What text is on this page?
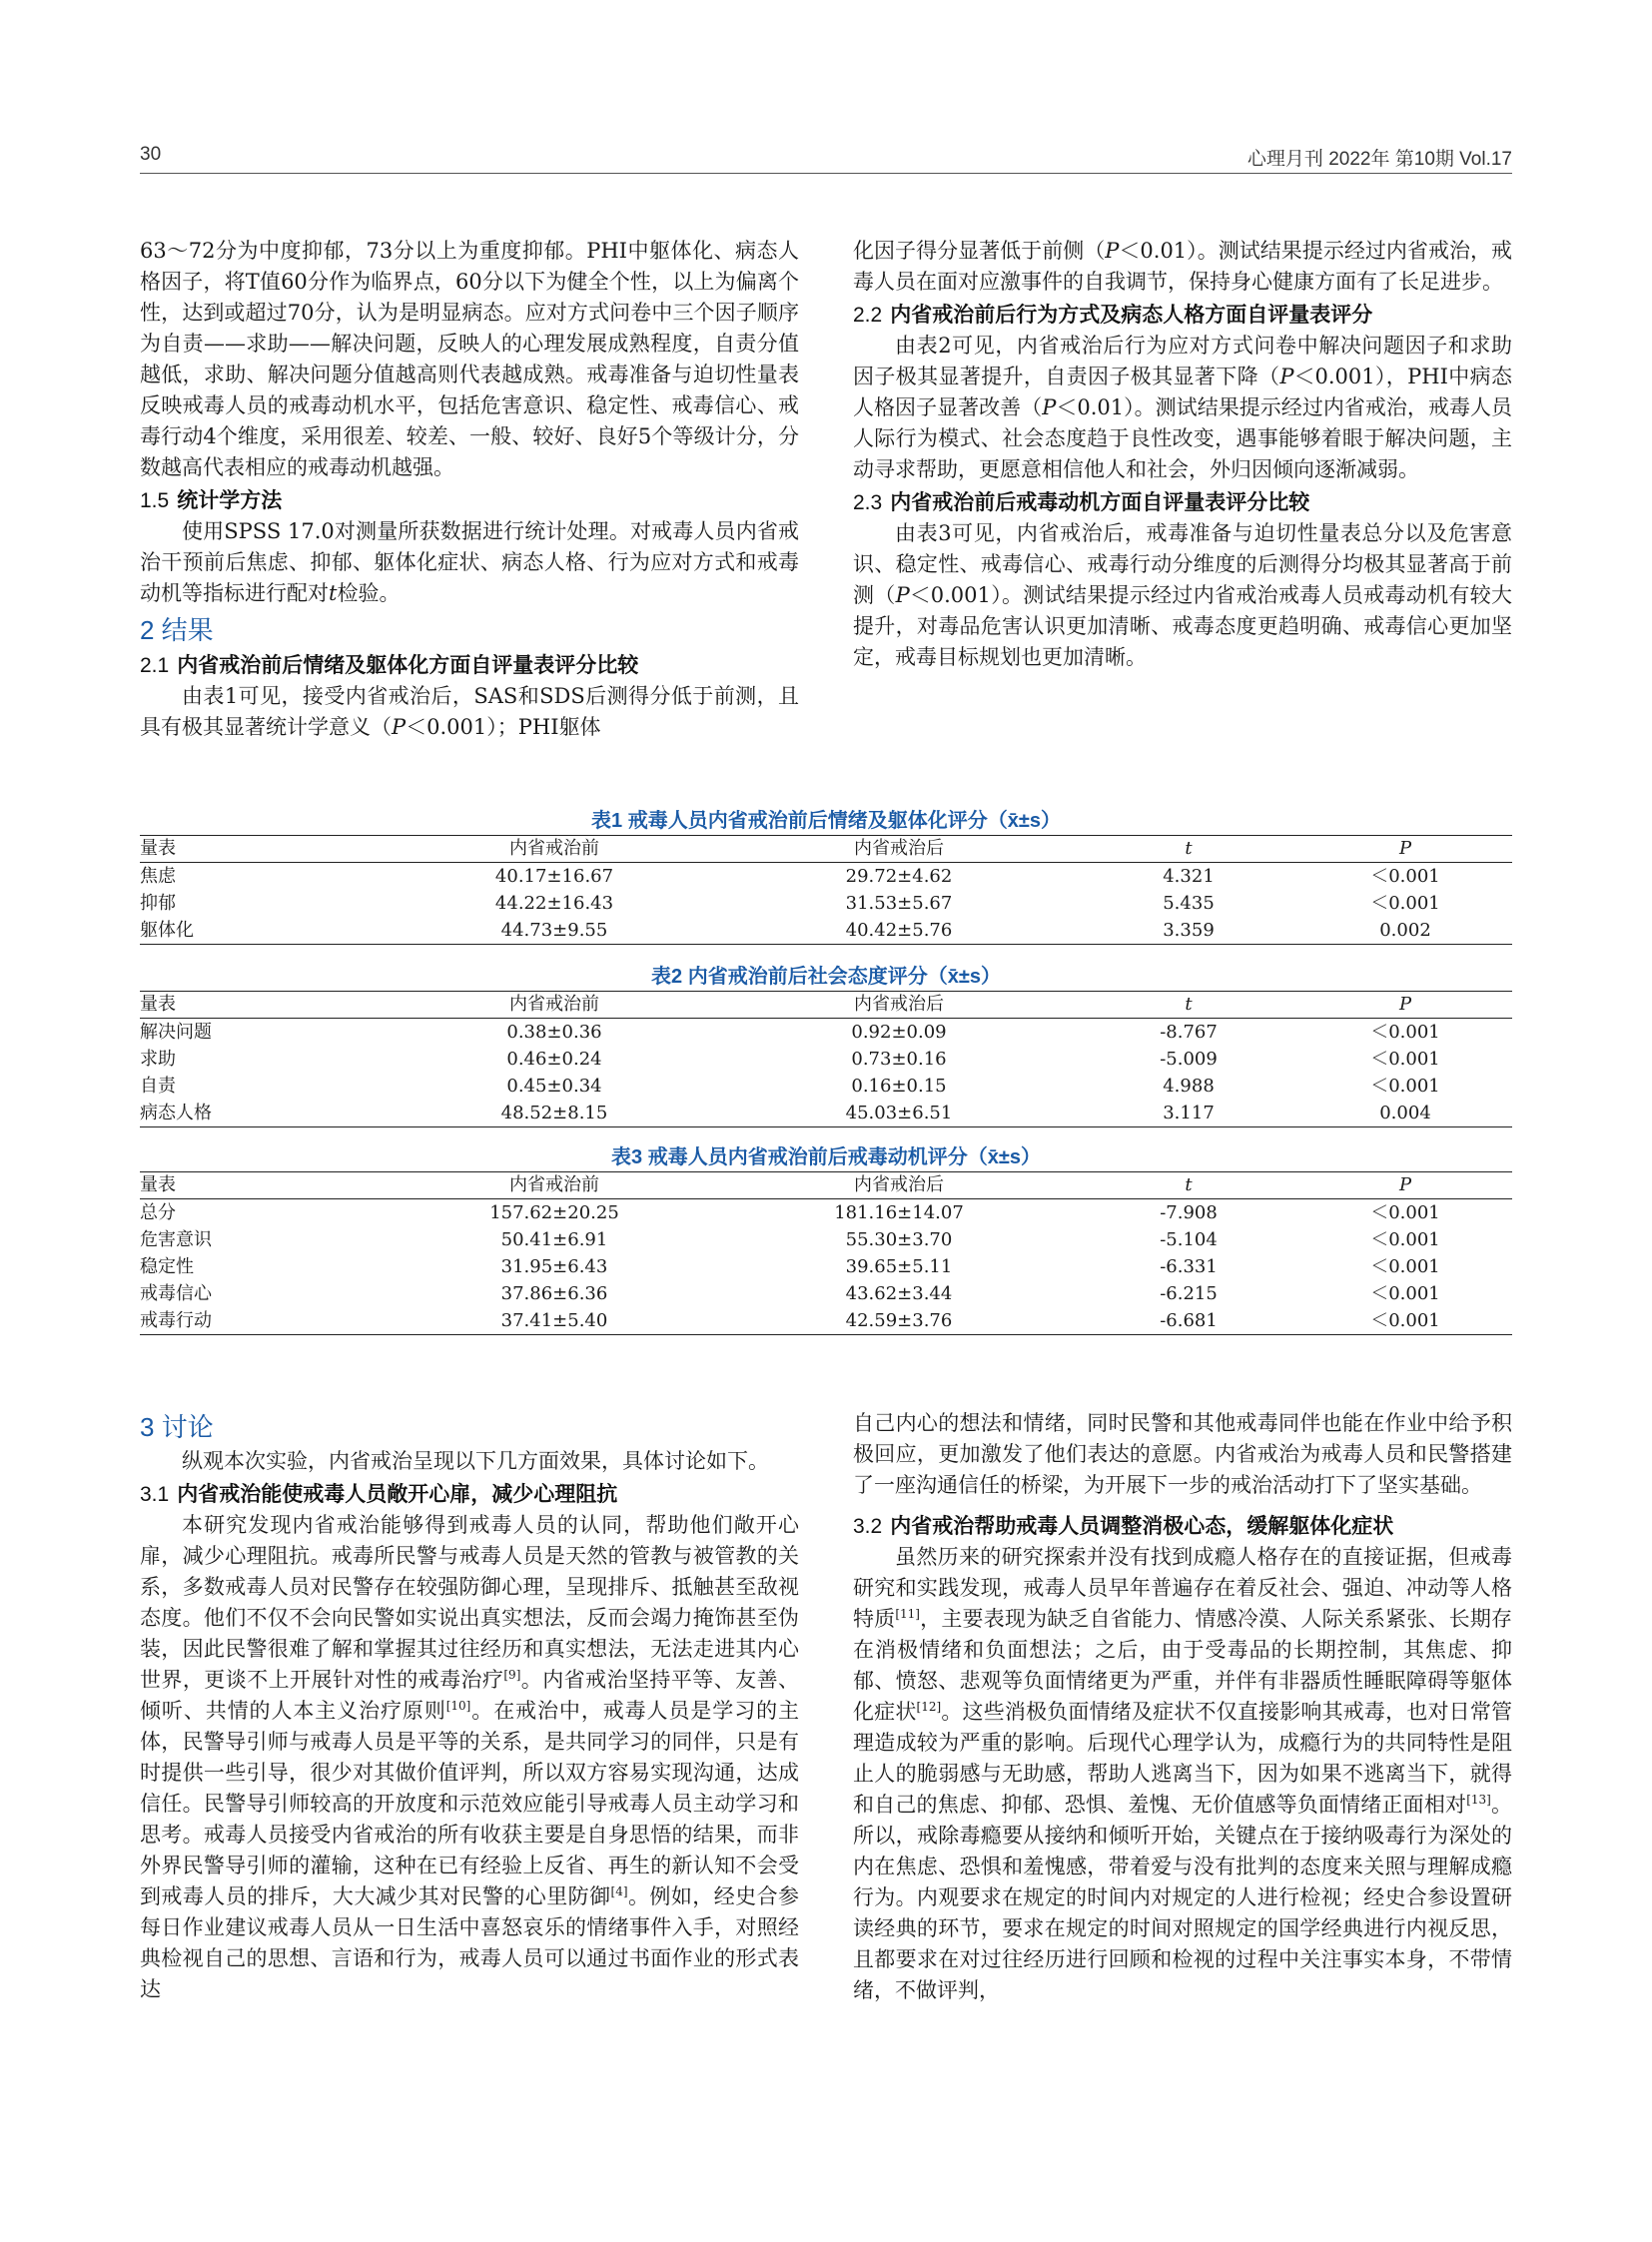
30	心理月刊 2022年 第10期 Vol.17

63～72分为中度抑郁，73分以上为重度抑郁。PHI中躯体化、病态人格因子，将T值60分作为临界点，60分以下为健全个性，以上为偏离个性，达到或超过70分，认为是明显病态。应对方式问卷中三个因子顺序为自责——求助——解决问题，反映人的心理发展成熟程度，自责分值越低，求助、解决问题分值越高则代表越成熟。戒毒准备与迫切性量表反映戒毒人员的戒毒动机水平，包括危害意识、稳定性、戒毒信心、戒毒行动4个维度，采用很差、较差、一般、较好、良好5个等级计分，分数越高代表相应的戒毒动机越强。

1.5 统计学方法

使用SPSS 17.0对测量所获数据进行统计处理。对戒毒人员内省戒治干预前后焦虑、抑郁、躯体化症状、病态人格、行为应对方式和戒毒动机等指标进行配对t检验。

2 结果
2.1 内省戒治前后情绪及躯体化方面自评量表评分比较

由表1可见，接受内省戒治后，SAS和SDS后测得分低于前测，且具有极其显著统计学意义（P＜0.001）；PHI躯体

化因子得分显著低于前侧（P＜0.01）。测试结果提示经过内省戒治，戒毒人员在面对应激事件的自我调节，保持身心健康方面有了长足进步。

2.2 内省戒治前后行为方式及病态人格方面自评量表评分

由表2可见，内省戒治后行为应对方式问卷中解决问题因子和求助因子极其显著提升，自责因子极其显著下降（P＜0.001），PHI中病态人格因子显著改善（P＜0.01）。测试结果提示经过内省戒治，戒毒人员人际行为模式、社会态度趋于良性改变，遇事能够着眼于解决问题，主动寻求帮助，更愿意相信他人和社会，外归因倾向逐渐减弱。

2.3 内省戒治前后戒毒动机方面自评量表评分比较

由表3可见，内省戒治后，戒毒准备与迫切性量表总分以及危害意识、稳定性、戒毒信心、戒毒行动分维度的后测得分均极其显著高于前测（P＜0.001）。测试结果提示经过内省戒治戒毒人员戒毒动机有较大提升，对毒品危害认识更加清晰、戒毒态度更趋明确、戒毒信心更加坚定，戒毒目标规划也更加清晰。

表1 戒毒人员内省戒治前后情绪及躯体化评分（x̄±s）
量表	内省戒治前	内省戒治后	t	P
焦虑	40.17±16.67	29.72±4.62	4.321	＜0.001
抑郁	44.22±16.43	31.53±5.67	5.435	＜0.001
躯体化	44.73±9.55	40.42±5.76	3.359	0.002
表2 内省戒治前后社会态度评分（x̄±s）
量表	内省戒治前	内省戒治后	t	P
解决问题	0.38±0.36	0.92±0.09	-8.767	＜0.001
求助	0.46±0.24	0.73±0.16	-5.009	＜0.001
自责	0.45±0.34	0.16±0.15	4.988	＜0.001
病态人格	48.52±8.15	45.03±6.51	3.117	0.004
表3 戒毒人员内省戒治前后戒毒动机评分（x̄±s）
量表	内省戒治前	内省戒治后	t	P
总分	157.62±20.25	181.16±14.07	-7.908	＜0.001
危害意识	50.41±6.91	55.30±3.70	-5.104	＜0.001
稳定性	31.95±6.43	39.65±5.11	-6.331	＜0.001
戒毒信心	37.86±6.36	43.62±3.44	-6.215	＜0.001
戒毒行动	37.41±5.40	42.59±3.76	-6.681	＜0.001
3 讨论

纵观本次实验，内省戒治呈现以下几方面效果，具体讨论如下。

3.1 内省戒治能使戒毒人员敞开心扉，减少心理阻抗

本研究发现内省戒治能够得到戒毒人员的认同，帮助他们敞开心扉，减少心理阻抗。戒毒所民警与戒毒人员是天然的管教与被管教的关系，多数戒毒人员对民警存在较强防御心理，呈现排斥、抵触甚至敌视态度。他们不仅不会向民警如实说出真实想法，反而会竭力掩饰甚至伪装，因此民警很难了解和掌握其过往经历和真实想法，无法走进其内心世界，更谈不上开展针对性的戒毒治疗[9]。内省戒治坚持平等、友善、倾听、共情的人本主义治疗原则[10]。在戒治中，戒毒人员是学习的主体，民警导引师与戒毒人员是平等的关系，是共同学习的同伴，只是有时提供一些引导，很少对其做价值评判，所以双方容易实现沟通，达成信任。民警导引师较高的开放度和示范效应能引导戒毒人员主动学习和思考。戒毒人员接受内省戒治的所有收获主要是自身思悟的结果，而非外界民警导引师的灌输，这种在已有经验上反省、再生的新认知不会受到戒毒人员的排斥，大大减少其对民警的心里防御[4]。例如，经史合参每日作业建议戒毒人员从一日生活中喜怒哀乐的情绪事件入手，对照经典检视自己的思想、言语和行为，戒毒人员可以通过书面作业的形式表达

自己内心的想法和情绪，同时民警和其他戒毒同伴也能在作业中给予积极回应，更加激发了他们表达的意愿。内省戒治为戒毒人员和民警搭建了一座沟通信任的桥梁，为开展下一步的戒治活动打下了坚实基础。

3.2 内省戒治帮助戒毒人员调整消极心态，缓解躯体化症状

虽然历来的研究探索并没有找到成瘾人格存在的直接证据，但戒毒研究和实践发现，戒毒人员早年普遍存在着反社会、强迫、冲动等人格特质[11]，主要表现为缺乏自省能力、情感冷漠、人际关系紧张、长期存在消极情绪和负面想法；之后，由于受毒品的长期控制，其焦虑、抑郁、愤怒、悲观等负面情绪更为严重，并伴有非器质性睡眠障碍等躯体化症状[12]。这些消极负面情绪及症状不仅直接影响其戒毒，也对日常管理造成较为严重的影响。后现代心理学认为，成瘾行为的共同特性是阻止人的脆弱感与无助感，帮助人逃离当下，因为如果不逃离当下，就得和自己的焦虑、抑郁、恐惧、羞愧、无价值感等负面情绪正面相对[13]。所以，戒除毒瘾要从接纳和倾听开始，关键点在于接纳吸毒行为深处的内在焦虑、恐惧和羞愧感，带着爱与没有批判的态度来关照与理解成瘾行为。内观要求在规定的时间内对规定的人进行检视；经史合参设置研读经典的环节，要求在规定的时间对照规定的国学经典进行内视反思，且都要求在对过往经历进行回顾和检视的过程中关注事实本身，不带情绪，不做评判，
